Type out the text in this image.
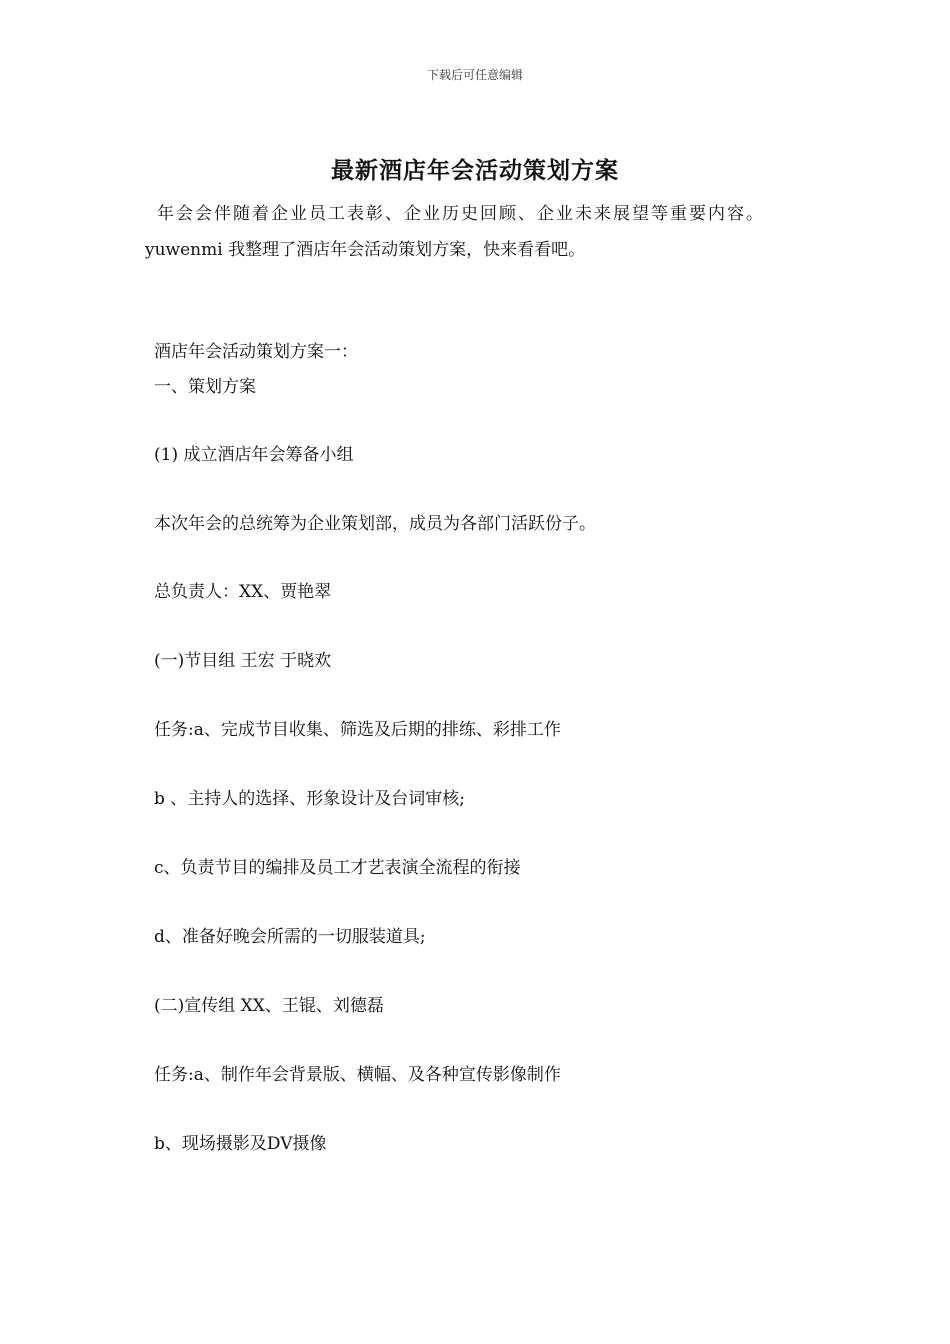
下载后可任意编辑
最新酒店年会活动策划方案
年会会伴随着企业员工表彰、企业历史回顾、企业未来展望等重要内容。
yuwenmi 我整理了酒店年会活动策划方案，快来看看吧。
酒店年会活动策划方案一：
一、策划方案
(1) 成立酒店年会筹备小组
本次年会的总统筹为企业策划部，成员为各部门活跃份子。
总负责人：XX、贾艳翠
(一)节目组 王宏 于晓欢
任务:a、完成节目收集、筛选及后期的排练、彩排工作
b 、主持人的选择、形象设计及台词审核;
c、负责节目的编排及员工才艺表演全流程的衔接
d、准备好晚会所需的一切服装道具;
(二)宣传组 XX、王锟、刘德磊
任务:a、制作年会背景版、横幅、及各种宣传影像制作
b、现场摄影及DV摄像
